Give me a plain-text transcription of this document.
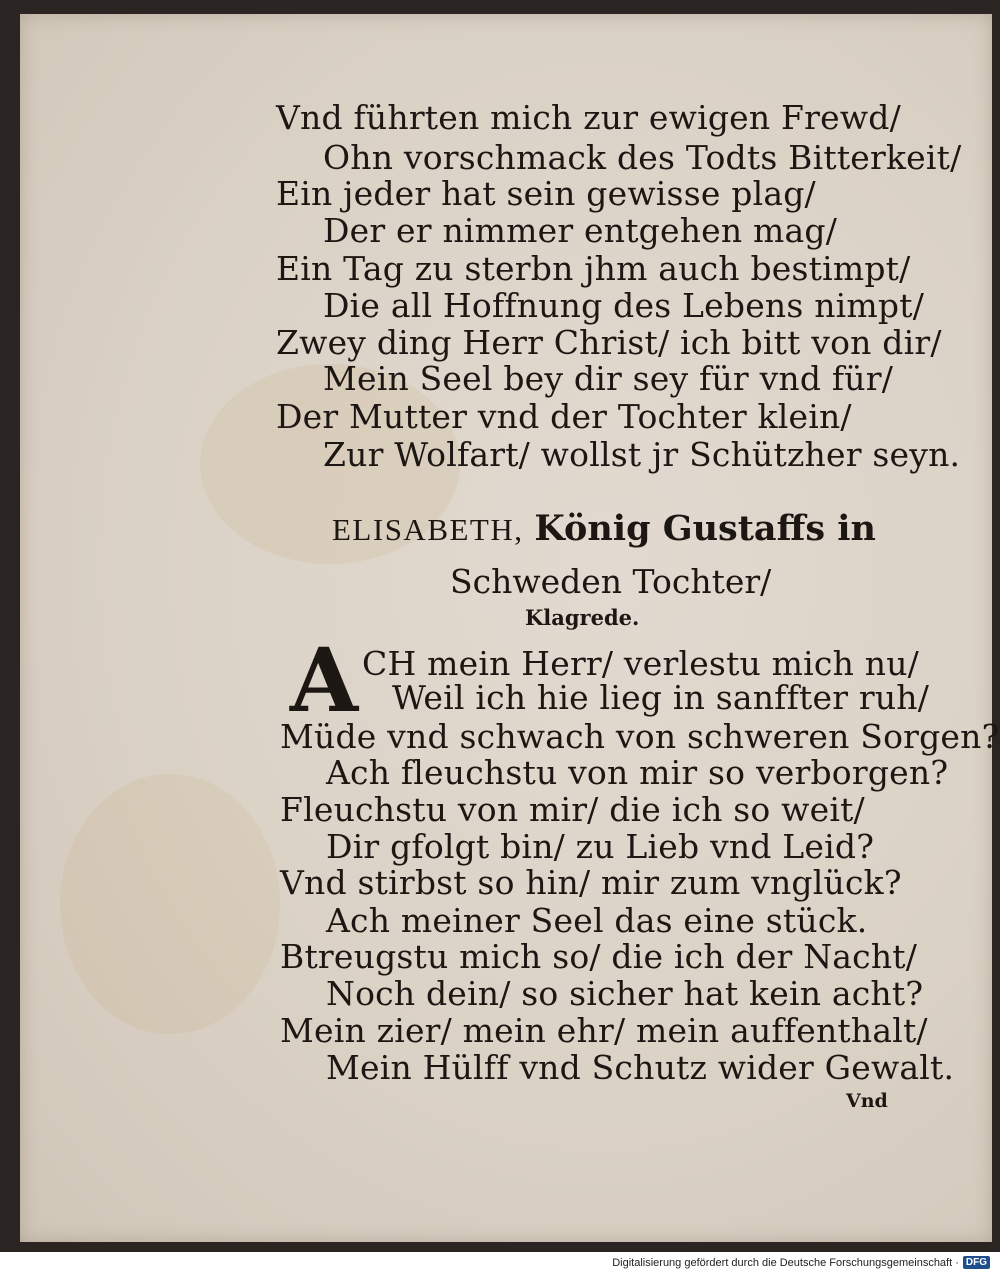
Vnd führten mich zur ewigen Frewd/
Ohn vorschmack des Todts Bitterkeit/
Ein jeder hat sein gewisse plag/
Der er nimmer entgehen mag/
Ein Tag zu sterbn jhm auch bestimpt/
Die all Hoffnung des Lebens nimpt/
Zwey ding Herr Christ/ ich bitt von dir/
Mein Seel bey dir sey für vnd für/
Der Mutter vnd der Tochter klein/
Zur Wolfart/ wollst jr Schützher seyn.
ELISABETH, König Gustaffs in
Schweden Tochter/
Klagrede.
A CH mein Herr/ verlestu mich nu/
Weil ich hie lieg in sanffter ruh/
Müde vnd schwach von schweren Sorgen?
Ach fleuchstu von mir so verborgen?
Fleuchstu von mir/ die ich so weit/
Dir gfolgt bin/ zu Lieb vnd Leid?
Vnd stirbst so hin/ mir zum vnglück?
Ach meiner Seel das eine stück.
Btreugstu mich so/ die ich der Nacht/
Noch dein/ so sicher hat kein acht?
Mein zier/ mein ehr/ mein auffenthalt/
Mein Hülff vnd Schutz wider Gewalt.
Vnd
Digitalisierung gefördert durch die Deutsche Forschungsgemeinschaft · DFG
